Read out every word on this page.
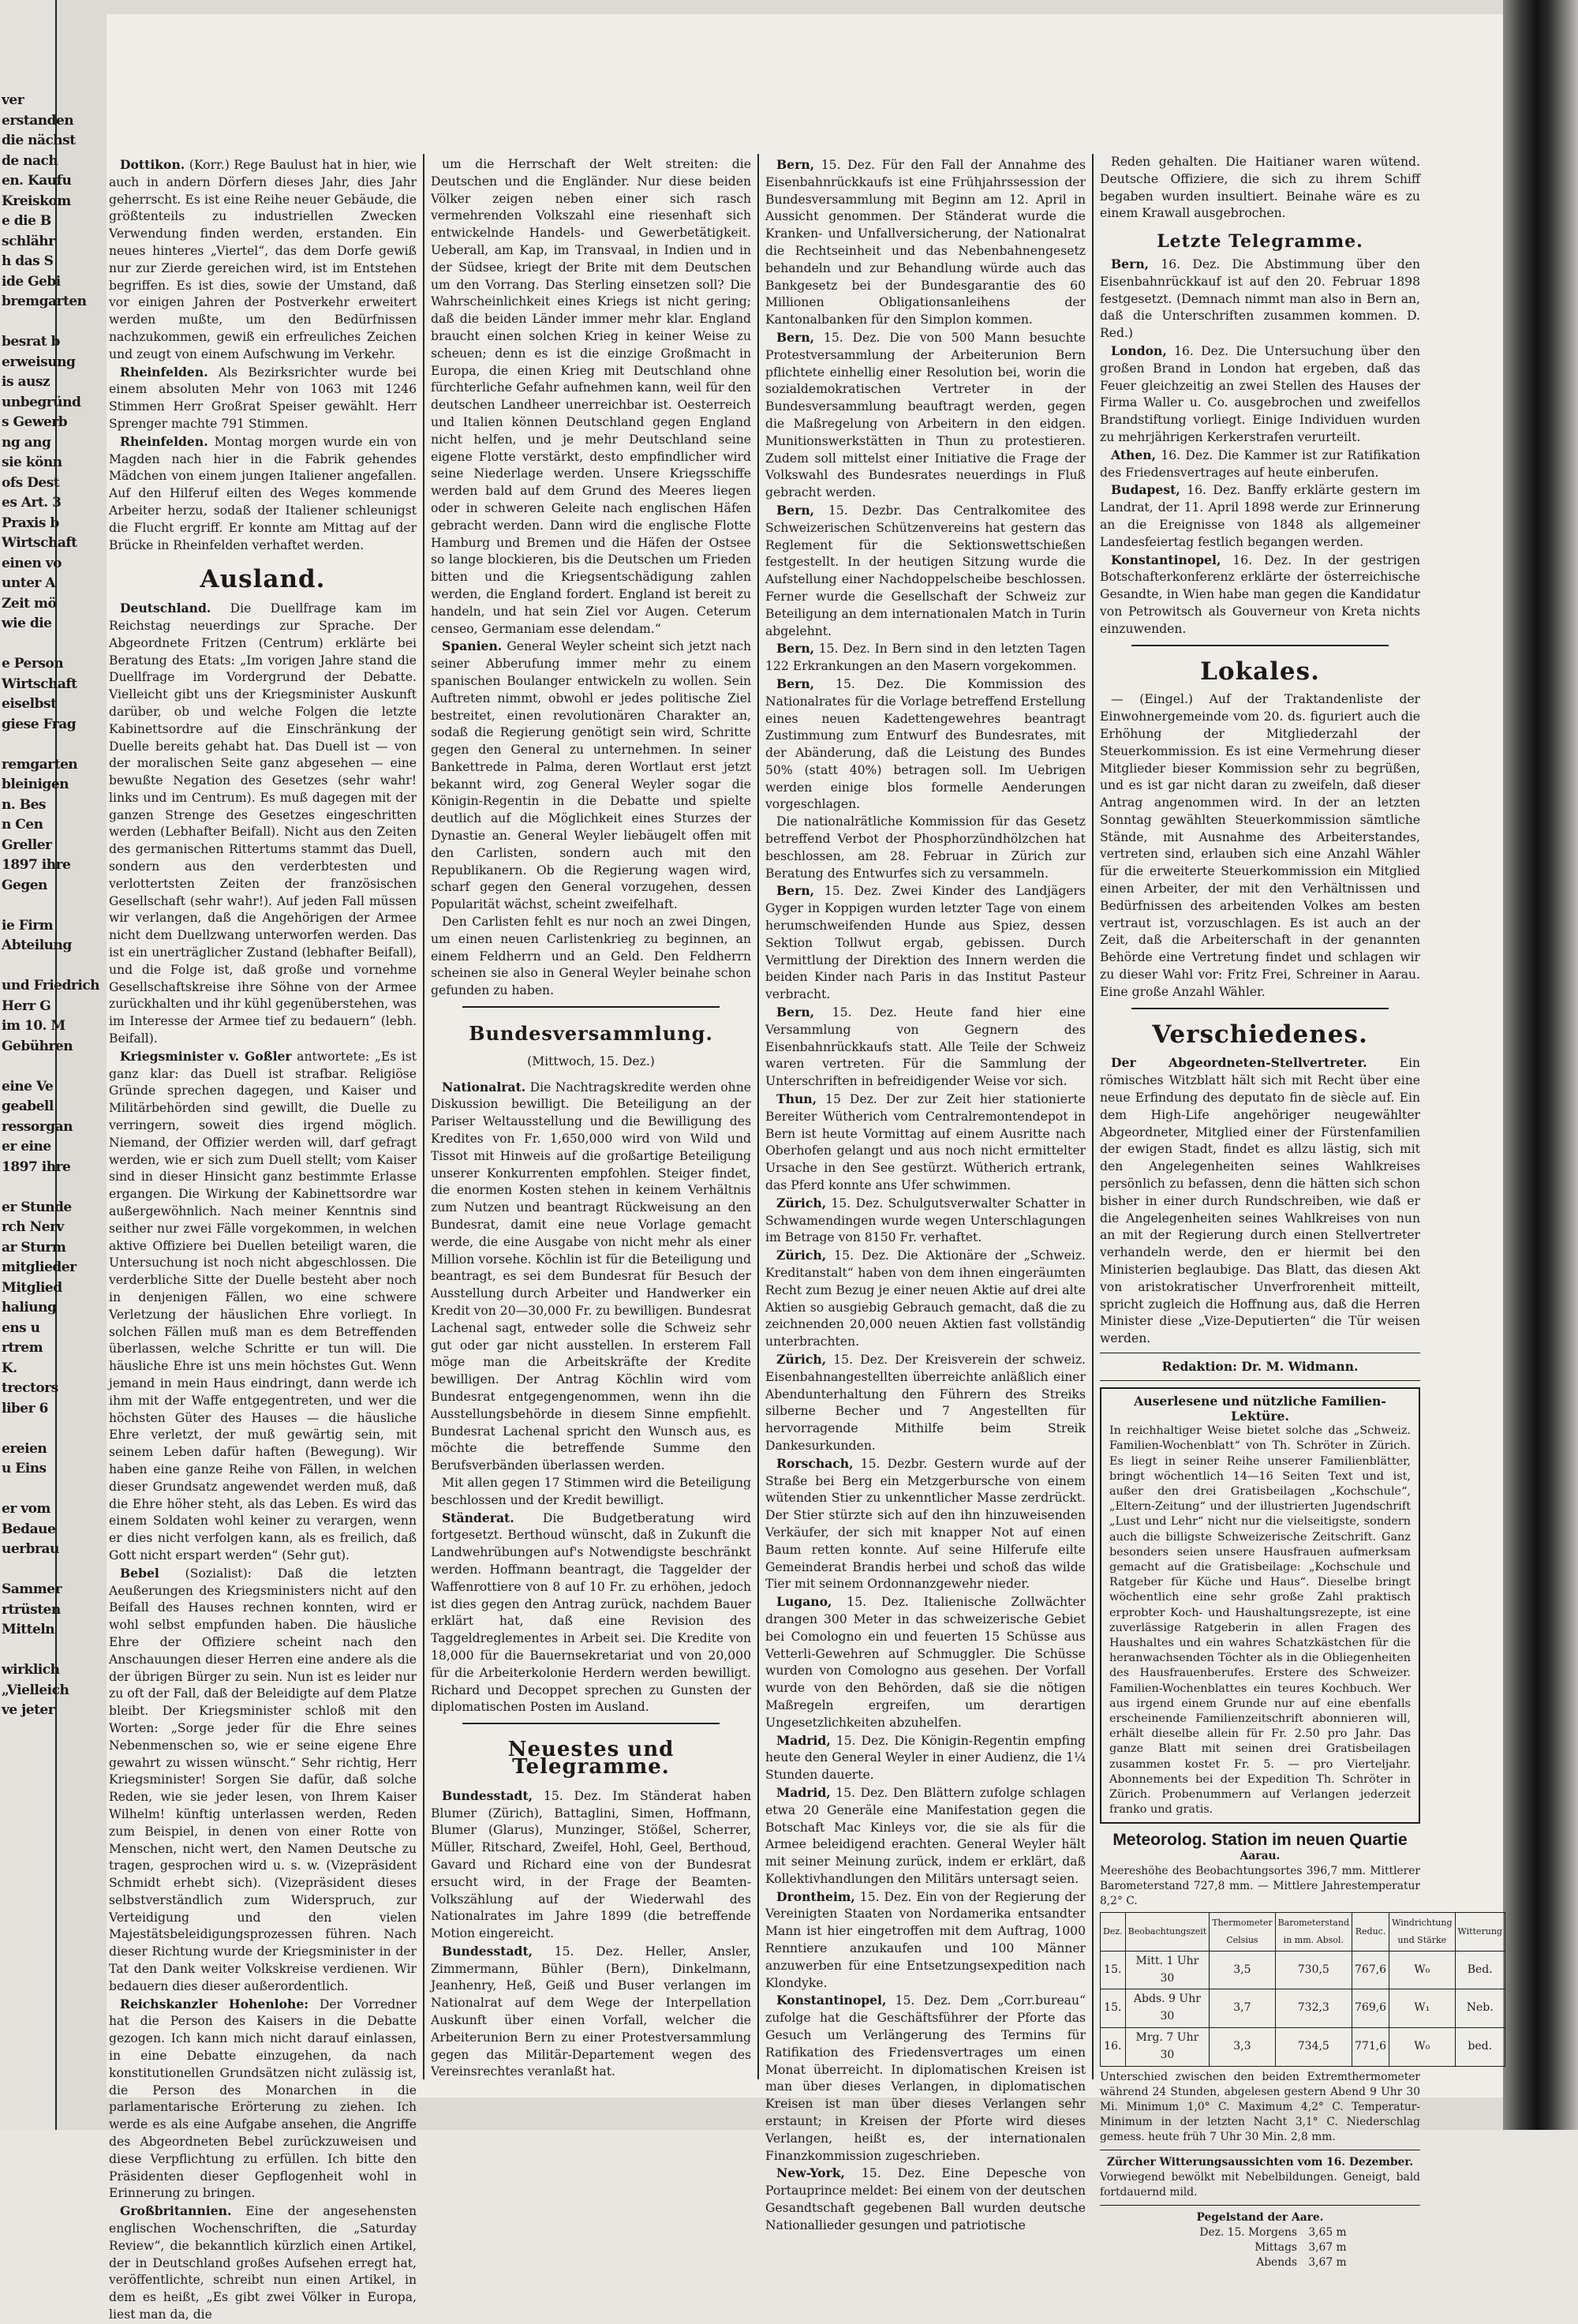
ver
erstanden
die nächst
de nach
en. Kaufu
Kreiskom
e die B
schlähr
h das S
ide Gebi
bremgarten

besrat b
erweisung
is ausz
unbegründ
s Gewerb
ng ang
sie könn
ofs Dest
es Art. 3
Praxis b
Wirtschaft
einen vo
unter A
Zeit mö
wie die

e Person
Wirtschaft
eiselbst
giese Frag

remgarten
bleinigen
n. Bes
n Cen
Greller
1897 ihre
Gegen

ie Firm
Abteilung

und Friedrich
Herr G
im 10. M
Gebühren

eine Ve
geabell
ressorgan
er eine
1897 ihre

er Stunde
rch Nerv
ar Sturm
mitglieder
Mitglied
haliung
ens u
rtrem
K.
trectors
liber 6

ereien
u Eins

er vom
Bedaue
uerbrau

Sammer
rtrüsten
Mitteln

wirklich
„Vielleich
ve jeter

Dottikon. (Korr.) Rege Baulust hat in hier, wie auch in andern Dörfern dieses Jahr, dies Jahr geherrscht. Es ist eine Reihe neuer Gebäude, die größtenteils zu industriellen Zwecken Verwendung finden werden, erstanden. Ein neues hinteres „Viertel“, das dem Dorfe gewiß nur zur Zierde gereichen wird, ist im Entstehen begriffen. Es ist dies, sowie der Umstand, daß vor einigen Jahren der Postverkehr erweitert werden mußte, um den Bedürfnissen nachzukommen, gewiß ein erfreuliches Zeichen und zeugt von einem Aufschwung im Verkehr.

Rheinfelden. Als Bezirksrichter wurde bei einem absoluten Mehr von 1063 mit 1246 Stimmen Herr Großrat Speiser gewählt. Herr Sprenger machte 791 Stimmen.

Rheinfelden. Montag morgen wurde ein von Magden nach hier in die Fabrik gehendes Mädchen von einem jungen Italiener angefallen. Auf den Hilferuf eilten des Weges kommende Arbeiter herzu, sodaß der Italiener schleunigst die Flucht ergriff. Er konnte am Mittag auf der Brücke in Rheinfelden verhaftet werden.

Ausland.

Deutschland. Die Duellfrage kam im Reichstag neuerdings zur Sprache. Der Abgeordnete Fritzen (Centrum) erklärte bei Beratung des Etats: „Im vorigen Jahre stand die Duellfrage im Vordergrund der Debatte. Vielleicht gibt uns der Kriegsminister Auskunft darüber, ob und welche Folgen die letzte Kabinettsordre auf die Einschränkung der Duelle bereits gehabt hat. Das Duell ist — von der moralischen Seite ganz abgesehen — eine bewußte Negation des Gesetzes (sehr wahr! links und im Centrum). Es muß dagegen mit der ganzen Strenge des Gesetzes eingeschritten werden (Lebhafter Beifall). Nicht aus den Zeiten des germanischen Rittertums stammt das Duell, sondern aus den verderbtesten und verlottertsten Zeiten der französischen Gesellschaft (sehr wahr!). Auf jeden Fall müssen wir verlangen, daß die Angehörigen der Armee nicht dem Duellzwang unterworfen werden. Das ist ein unerträglicher Zustand (lebhafter Beifall), und die Folge ist, daß große und vornehme Gesellschaftskreise ihre Söhne von der Armee zurückhalten und ihr kühl gegenüberstehen, was im Interesse der Armee tief zu bedauern“ (lebh. Beifall).

Kriegsminister v. Goßler antwortete: „Es ist ganz klar: das Duell ist strafbar. Religiöse Gründe sprechen dagegen, und Kaiser und Militärbehörden sind gewillt, die Duelle zu verringern, soweit dies irgend möglich. Niemand, der Offizier werden will, darf gefragt werden, wie er sich zum Duell stellt; vom Kaiser sind in dieser Hinsicht ganz bestimmte Erlasse ergangen. Die Wirkung der Kabinettsordre war außergewöhnlich. Nach meiner Kenntnis sind seither nur zwei Fälle vorgekommen, in welchen aktive Offiziere bei Duellen beteiligt waren, die Untersuchung ist noch nicht abgeschlossen. Die verderbliche Sitte der Duelle besteht aber noch in denjenigen Fällen, wo eine schwere Verletzung der häuslichen Ehre vorliegt. In solchen Fällen muß man es dem Betreffenden überlassen, welche Schritte er tun will. Die häusliche Ehre ist uns mein höchstes Gut. Wenn jemand in mein Haus eindringt, dann werde ich ihm mit der Waffe entgegentreten, und wer die höchsten Güter des Hauses — die häusliche Ehre verletzt, der muß gewärtig sein, mit seinem Leben dafür haften (Bewegung). Wir haben eine ganze Reihe von Fällen, in welchen dieser Grundsatz angewendet werden muß, daß die Ehre höher steht, als das Leben. Es wird das einem Soldaten wohl keiner zu verargen, wenn er dies nicht verfolgen kann, als es freilich, daß Gott nicht erspart werden“ (Sehr gut).

Bebel (Sozialist): Daß die letzten Aeußerungen des Kriegsministers nicht auf den Beifall des Hauses rechnen konnten, wird er wohl selbst empfunden haben. Die häusliche Ehre der Offiziere scheint nach den Anschauungen dieser Herren eine andere als die der übrigen Bürger zu sein. Nun ist es leider nur zu oft der Fall, daß der Beleidigte auf dem Platze bleibt. Der Kriegsminister schloß mit den Worten: „Sorge jeder für die Ehre seines Nebenmenschen so, wie er seine eigene Ehre gewahrt zu wissen wünscht.“ Sehr richtig, Herr Kriegsminister! Sorgen Sie dafür, daß solche Reden, wie sie jeder lesen, von Ihrem Kaiser Wilhelm! künftig unterlassen werden, Reden zum Beispiel, in denen von einer Rotte von Menschen, nicht wert, den Namen Deutsche zu tragen, gesprochen wird u. s. w. (Vizepräsident Schmidt erhebt sich). (Vizepräsident dieses selbstverständlich zum Widerspruch, zur Verteidigung und den vielen Majestätsbeleidigungsprozessen führen. Nach dieser Richtung wurde der Kriegsminister in der Tat den Dank weiter Volkskreise verdienen. Wir bedauern dies dieser außerordentlich.

Reichskanzler Hohenlohe: Der Vorredner hat die Person des Kaisers in die Debatte gezogen. Ich kann mich nicht darauf einlassen, in eine Debatte einzugehen, da nach konstitutionellen Grundsätzen nicht zulässig ist, die Person des Monarchen in die parlamentarische Erörterung zu ziehen. Ich werde es als eine Aufgabe ansehen, die Angriffe des Abgeordneten Bebel zurückzuweisen und diese Verpflichtung zu erfüllen. Ich bitte den Präsidenten dieser Gepflogenheit wohl in Erinnerung zu bringen.

Großbritannien. Eine der angesehensten englischen Wochenschriften, die „Saturday Review“, die bekanntlich kürzlich einen Artikel, der in Deutschland großes Aufsehen erregt hat, veröffentlichte, schreibt nun einen Artikel, in dem es heißt, „Es gibt zwei Völker in Europa, liest man da, die

um die Herrschaft der Welt streiten: die Deutschen und die Engländer. Nur diese beiden Völker zeigen neben einer sich rasch vermehrenden Volkszahl eine riesenhaft sich entwickelnde Handels- und Gewerbetätigkeit. Ueberall, am Kap, im Transvaal, in Indien und in der Südsee, kriegt der Brite mit dem Deutschen um den Vorrang. Das Sterling einsetzen soll? Die Wahrscheinlichkeit eines Kriegs ist nicht gering; daß die beiden Länder immer mehr klar. England braucht einen solchen Krieg in keiner Weise zu scheuen; denn es ist die einzige Großmacht in Europa, die einen Krieg mit Deutschland ohne fürchterliche Gefahr aufnehmen kann, weil für den deutschen Landheer unerreichbar ist. Oesterreich und Italien können Deutschland gegen England nicht helfen, und je mehr Deutschland seine eigene Flotte verstärkt, desto empfindlicher wird seine Niederlage werden. Unsere Kriegsschiffe werden bald auf dem Grund des Meeres liegen oder in schweren Geleite nach englischen Häfen gebracht werden. Dann wird die englische Flotte Hamburg und Bremen und die Häfen der Ostsee so lange blockieren, bis die Deutschen um Frieden bitten und die Kriegsentschädigung zahlen werden, die England fordert. England ist bereit zu handeln, und hat sein Ziel vor Augen. Ceterum censeo, Germaniam esse delendam.“

Spanien. General Weyler scheint sich jetzt nach seiner Abberufung immer mehr zu einem spanischen Boulanger entwickeln zu wollen. Sein Auftreten nimmt, obwohl er jedes politische Ziel bestreitet, einen revolutionären Charakter an, sodaß die Regierung genötigt sein wird, Schritte gegen den General zu unternehmen. In seiner Bankettrede in Palma, deren Wortlaut erst jetzt bekannt wird, zog General Weyler sogar die Königin-Regentin in die Debatte und spielte deutlich auf die Möglichkeit eines Sturzes der Dynastie an. General Weyler liebäugelt offen mit den Carlisten, sondern auch mit den Republikanern. Ob die Regierung wagen wird, scharf gegen den General vorzugehen, dessen Popularität wächst, scheint zweifelhaft.

Den Carlisten fehlt es nur noch an zwei Dingen, um einen neuen Carlistenkrieg zu beginnen, an einem Feldherrn und an Geld. Den Feldherrn scheinen sie also in General Weyler beinahe schon gefunden zu haben.

Bundesversammlung.
(Mittwoch, 15. Dez.)

Nationalrat. Die Nachtragskredite werden ohne Diskussion bewilligt. Die Beteiligung an der Pariser Weltausstellung und die Bewilligung des Kredites von Fr. 1,650,000 wird von Wild und Tissot mit Hinweis auf die großartige Beteiligung unserer Konkurrenten empfohlen. Steiger findet, die enormen Kosten stehen in keinem Verhältnis zum Nutzen und beantragt Rückweisung an den Bundesrat, damit eine neue Vorlage gemacht werde, die eine Ausgabe von nicht mehr als einer Million vorsehe. Köchlin ist für die Beteiligung und beantragt, es sei dem Bundesrat für Besuch der Ausstellung durch Arbeiter und Handwerker ein Kredit von 20—30,000 Fr. zu bewilligen. Bundesrat Lachenal sagt, entweder solle die Schweiz sehr gut oder gar nicht ausstellen. In ersterem Fall möge man die Arbeitskräfte der Kredite bewilligen. Der Antrag Köchlin wird vom Bundesrat entgegengenommen, wenn ihn die Ausstellungsbehörde in diesem Sinne empfiehlt. Bundesrat Lachenal spricht den Wunsch aus, es möchte die betreffende Summe den Berufsverbänden überlassen werden.

Mit allen gegen 17 Stimmen wird die Beteiligung beschlossen und der Kredit bewilligt.

Ständerat. Die Budgetberatung wird fortgesetzt. Berthoud wünscht, daß in Zukunft die Landwehrübungen auf's Notwendigste beschränkt werden. Hoffmann beantragt, die Taggelder der Waffenrottiere von 8 auf 10 Fr. zu erhöhen, jedoch ist dies gegen den Antrag zurück, nachdem Bauer erklärt hat, daß eine Revision des Taggeldreglementes in Arbeit sei. Die Kredite von 18,000 für die Bauernsekretariat und von 20,000 für die Arbeiterkolonie Herdern werden bewilligt. Richard und Decoppet sprechen zu Gunsten der diplomatischen Posten im Ausland.

Neuestes und Telegramme.

Bundesstadt, 15. Dez. Im Ständerat haben Blumer (Zürich), Battaglini, Simen, Hoffmann, Blumer (Glarus), Munzinger, Stößel, Scherrer, Müller, Ritschard, Zweifel, Hohl, Geel, Berthoud, Gavard und Richard eine von der Bundesrat ersucht wird, in der Frage der Beamten-Volkszählung auf der Wiederwahl des Nationalrates im Jahre 1899 (die betreffende Motion eingereicht.

Bundesstadt, 15. Dez. Heller, Ansler, Zimmermann, Bühler (Bern), Dinkelmann, Jeanhenry, Heß, Geiß und Buser verlangen im Nationalrat auf dem Wege der Interpellation Auskunft über einen Vorfall, welcher die Arbeiterunion Bern zu einer Protestversammlung gegen das Militär-Departement wegen des Vereinsrechtes veranlaßt hat.

Bern, 15. Dez. Für den Fall der Annahme des Eisenbahnrückkaufs ist eine Frühjahrssession der Bundesversammlung mit Beginn am 12. April in Aussicht genommen. Der Ständerat wurde die Kranken- und Unfallversicherung, der Nationalrat die Rechtseinheit und das Nebenbahnengesetz behandeln und zur Behandlung würde auch das Bankgesetz bei der Bundesgarantie des 60 Millionen Obligationsanleihens der Kantonalbanken für den Simplon kommen.

Bern, 15. Dez. Die von 500 Mann besuchte Protestversammlung der Arbeiterunion Bern pflichtete einhellig einer Resolution bei, worin die sozialdemokratischen Vertreter in der Bundesversammlung beauftragt werden, gegen die Maßregelung von Arbeitern in den eidgen. Munitionswerkstätten in Thun zu protestieren. Zudem soll mittelst einer Initiative die Frage der Volkswahl des Bundesrates neuerdings in Fluß gebracht werden.

Bern, 15. Dezbr. Das Centralkomitee des Schweizerischen Schützenvereins hat gestern das Reglement für die Sektionswettschießen festgestellt. In der heutigen Sitzung wurde die Aufstellung einer Nachdoppelscheibe beschlossen. Ferner wurde die Gesellschaft der Schweiz zur Beteiligung an dem internationalen Match in Turin abgelehnt.

Bern, 15. Dez. In Bern sind in den letzten Tagen 122 Erkrankungen an den Masern vorgekommen.

Bern, 15. Dez. Die Kommission des Nationalrates für die Vorlage betreffend Erstellung eines neuen Kadettengewehres beantragt Zustimmung zum Entwurf des Bundesrates, mit der Abänderung, daß die Leistung des Bundes 50% (statt 40%) betragen soll. Im Uebrigen werden einige blos formelle Aenderungen vorgeschlagen.

Die nationalrätliche Kommission für das Gesetz betreffend Verbot der Phosphorzündhölzchen hat beschlossen, am 28. Februar in Zürich zur Beratung des Entwurfes sich zu versammeln.

Bern, 15. Dez. Zwei Kinder des Landjägers Gyger in Koppigen wurden letzter Tage von einem herumschweifenden Hunde aus Spiez, dessen Sektion Tollwut ergab, gebissen. Durch Vermittlung der Direktion des Innern werden die beiden Kinder nach Paris in das Institut Pasteur verbracht.

Bern, 15. Dez. Heute fand hier eine Versammlung von Gegnern des Eisenbahnrückkaufs statt. Alle Teile der Schweiz waren vertreten. Für die Sammlung der Unterschriften in befreidigender Weise vor sich.

Thun, 15 Dez. Der zur Zeit hier stationierte Bereiter Wütherich vom Centralremontendepot in Bern ist heute Vormittag auf einem Ausritte nach Oberhofen gelangt und aus noch nicht ermittelter Ursache in den See gestürzt. Wütherich ertrank, das Pferd konnte ans Ufer schwimmen.

Zürich, 15. Dez. Schulgutsverwalter Schatter in Schwamendingen wurde wegen Unterschlagungen im Betrage von 8150 Fr. verhaftet.

Zürich, 15. Dez. Die Aktionäre der „Schweiz. Kreditanstalt“ haben von dem ihnen eingeräumten Recht zum Bezug je einer neuen Aktie auf drei alte Aktien so ausgiebig Gebrauch gemacht, daß die zu zeichnenden 20,000 neuen Aktien fast vollständig unterbrachten.

Zürich, 15. Dez. Der Kreisverein der schweiz. Eisenbahnangestellten überreichte anläßlich einer Abendunterhaltung den Führern des Streiks silberne Becher und 7 Angestellten für hervorragende Mithilfe beim Streik Dankesurkunden.

Rorschach, 15. Dezbr. Gestern wurde auf der Straße bei Berg ein Metzgerbursche von einem wütenden Stier zu unkenntlicher Masse zerdrückt. Der Stier stürzte sich auf den ihn hinzuweisenden Verkäufer, der sich mit knapper Not auf einen Baum retten konnte. Auf seine Hilferufe eilte Gemeinderat Brandis herbei und schoß das wilde Tier mit seinem Ordonnanzgewehr nieder.

Lugano, 15. Dez. Italienische Zollwächter drangen 300 Meter in das schweizerische Gebiet bei Comologno ein und feuerten 15 Schüsse aus Vetterli-Gewehren auf Schmuggler. Die Schüsse wurden von Comologno aus gesehen. Der Vorfall wurde von den Behörden, daß sie die nötigen Maßregeln ergreifen, um derartigen Ungesetzlichkeiten abzuhelfen.

Madrid, 15. Dez. Die Königin-Regentin empfing heute den General Weyler in einer Audienz, die 1¼ Stunden dauerte.

Madrid, 15. Dez. Den Blättern zufolge schlagen etwa 20 Generäle eine Manifestation gegen die Botschaft Mac Kinleys vor, die sie als für die Armee beleidigend erachten. General Weyler hält mit seiner Meinung zurück, indem er erklärt, daß Kollektivhandlungen den Militärs untersagt seien.

Drontheim, 15. Dez. Ein von der Regierung der Vereinigten Staaten von Nordamerika entsandter Mann ist hier eingetroffen mit dem Auftrag, 1000 Renntiere anzukaufen und 100 Männer anzuwerben für eine Entsetzungsexpedition nach Klondyke.

Konstantinopel, 15. Dez. Dem „Corr.bureau“ zufolge hat die Geschäftsführer der Pforte das Gesuch um Verlängerung des Termins für Ratifikation des Friedensvertrages um einen Monat überreicht. In diplomatischen Kreisen ist man über dieses Verlangen, in diplomatischen Kreisen ist man über dieses Verlangen sehr erstaunt; in Kreisen der Pforte wird dieses Verlangen, heißt es, der internationalen Finanzkommission zugeschrieben.

New-York, 15. Dez. Eine Depesche von Portauprince meldet: Bei einem von der deutschen Gesandtschaft gegebenen Ball wurden deutsche Nationallieder gesungen und patriotische

Reden gehalten. Die Haitianer waren wütend. Deutsche Offiziere, die sich zu ihrem Schiff begaben wurden insultiert. Beinahe wäre es zu einem Krawall ausgebrochen.

Letzte Telegramme.

Bern, 16. Dez. Die Abstimmung über den Eisenbahnrückkauf ist auf den 20. Februar 1898 festgesetzt. (Demnach nimmt man also in Bern an, daß die Unterschriften zusammen kommen. D. Red.)

London, 16. Dez. Die Untersuchung über den großen Brand in London hat ergeben, daß das Feuer gleichzeitig an zwei Stellen des Hauses der Firma Waller u. Co. ausgebrochen und zweifellos Brandstiftung vorliegt. Einige Individuen wurden zu mehrjährigen Kerkerstrafen verurteilt.

Athen, 16. Dez. Die Kammer ist zur Ratifikation des Friedensvertrages auf heute einberufen.

Budapest, 16. Dez. Banffy erklärte gestern im Landrat, der 11. April 1898 werde zur Erinnerung an die Ereignisse von 1848 als allgemeiner Landesfeiertag festlich begangen werden.

Konstantinopel, 16. Dez. In der gestrigen Botschafterkonferenz erklärte der österreichische Gesandte, in Wien habe man gegen die Kandidatur von Petrowitsch als Gouverneur von Kreta nichts einzuwenden.

Lokales.

— (Eingel.) Auf der Traktandenliste der Einwohnergemeinde vom 20. ds. figuriert auch die Erhöhung der Mitgliederzahl der Steuerkommission. Es ist eine Vermehrung dieser Mitglieder bieser Kommission sehr zu begrüßen, und es ist gar nicht daran zu zweifeln, daß dieser Antrag angenommen wird. In der an letzten Sonntag gewählten Steuerkommission sämtliche Stände, mit Ausnahme des Arbeiterstandes, vertreten sind, erlauben sich eine Anzahl Wähler für die erweiterte Steuerkommission ein Mitglied einen Arbeiter, der mit den Verhältnissen und Bedürfnissen des arbeitenden Volkes am besten vertraut ist, vorzuschlagen. Es ist auch an der Zeit, daß die Arbeiterschaft in der genannten Behörde eine Vertretung findet und schlagen wir zu dieser Wahl vor: Fritz Frei, Schreiner in Aarau. Eine große Anzahl Wähler.

Verschiedenes.

Der Abgeordneten-Stellvertreter. Ein römisches Witzblatt hält sich mit Recht über eine neue Erfindung des deputato fin de siècle auf. Ein dem High-Life angehöriger neugewählter Abgeordneter, Mitglied einer der Fürstenfamilien der ewigen Stadt, findet es allzu lästig, sich mit den Angelegenheiten seines Wahlkreises persönlich zu befassen, denn die hätten sich schon bisher in einer durch Rundschreiben, wie daß er die Angelegenheiten seines Wahlkreises von nun an mit der Regierung durch einen Stellvertreter verhandeln werde, den er hiermit bei den Ministerien beglaubige. Das Blatt, das diesen Akt von aristokratischer Unverfrorenheit mitteilt, spricht zugleich die Hoffnung aus, daß die Herren Minister diese „Vize-Deputierten“ die Tür weisen werden.

Redaktion: Dr. M. Widmann.
Auserlesene und nützliche Familien-Lektüre.
In reichhaltiger Weise bietet solche das „Schweiz. Familien-Wochenblatt“ von Th. Schröter in Zürich. Es liegt in seiner Reihe unserer Familienblätter, bringt wöchentlich 14—16 Seiten Text und ist, außer den drei Gratisbeilagen „Kochschule“, „Eltern-Zeitung“ und der illustrierten Jugendschrift „Lust und Lehr“ nicht nur die vielseitigste, sondern auch die billigste Schweizerische Zeitschrift. Ganz besonders seien unsere Hausfrauen aufmerksam gemacht auf die Gratisbeilage: „Kochschule und Ratgeber für Küche und Haus“. Dieselbe bringt wöchentlich eine sehr große Zahl praktisch erprobter Koch- und Haushaltungsrezepte, ist eine zuverlässige Ratgeberin in allen Fragen des Haushaltes und ein wahres Schatzkästchen für die heranwachsenden Töchter als in die Obliegenheiten des Hausfrauenberufes. Erstere des Schweizer. Familien-Wochenblattes ein teures Kochbuch. Wer aus irgend einem Grunde nur auf eine ebenfalls erscheinende Familienzeitschrift abonnieren will, erhält dieselbe allein für Fr. 2.50 pro Jahr. Das ganze Blatt mit seinen drei Gratisbeilagen zusammen kostet Fr. 5. — pro Vierteljahr. Abonnements bei der Expedition Th. Schröter in Zürich. Probenummern auf Verlangen jederzeit franko und gratis.
Meteorolog. Station im neuen Quartie
Aarau.
Meereshöhe des Beobachtungsortes 396,7 mm. Mittlerer Barometerstand 727,8 mm. — Mittlere Jahrestemperatur 8,2° C.
Dez.	Beobachtungszeit	Thermometer Celsius	Barometerstand in mm. Absol.	Reduc.	Windrichtung und Stärke	Witterung
15.	Mitt. 1 Uhr 30	3,5	730,5	767,6	W₀	Bed.
15.	Abds. 9 Uhr 30	3,7	732,3	769,6	W₁	Neb.
16.	Mrg. 7 Uhr 30	3,3	734,5	771,6	W₀	bed.
Unterschied zwischen den beiden Extremthermometer während 24 Stunden, abgelesen gestern Abend 9 Uhr 30 Mi. Minimum 1,0° C. Maximum 4,2° C. Temperatur-Minimum in der letzten Nacht 3,1° C. Niederschlag gemess. heute früh 7 Uhr 30 Min. 2,8 mm.
Zürcher Witterungsaussichten vom 16. Dezember.
Vorwiegend bewölkt mit Nebelbildungen. Geneigt, bald fortdauernd mild.
Pegelstand der Aare.
Dez. 15. Morgens 3,65 m
Mittags 3,67 m
Abends 3,67 m
